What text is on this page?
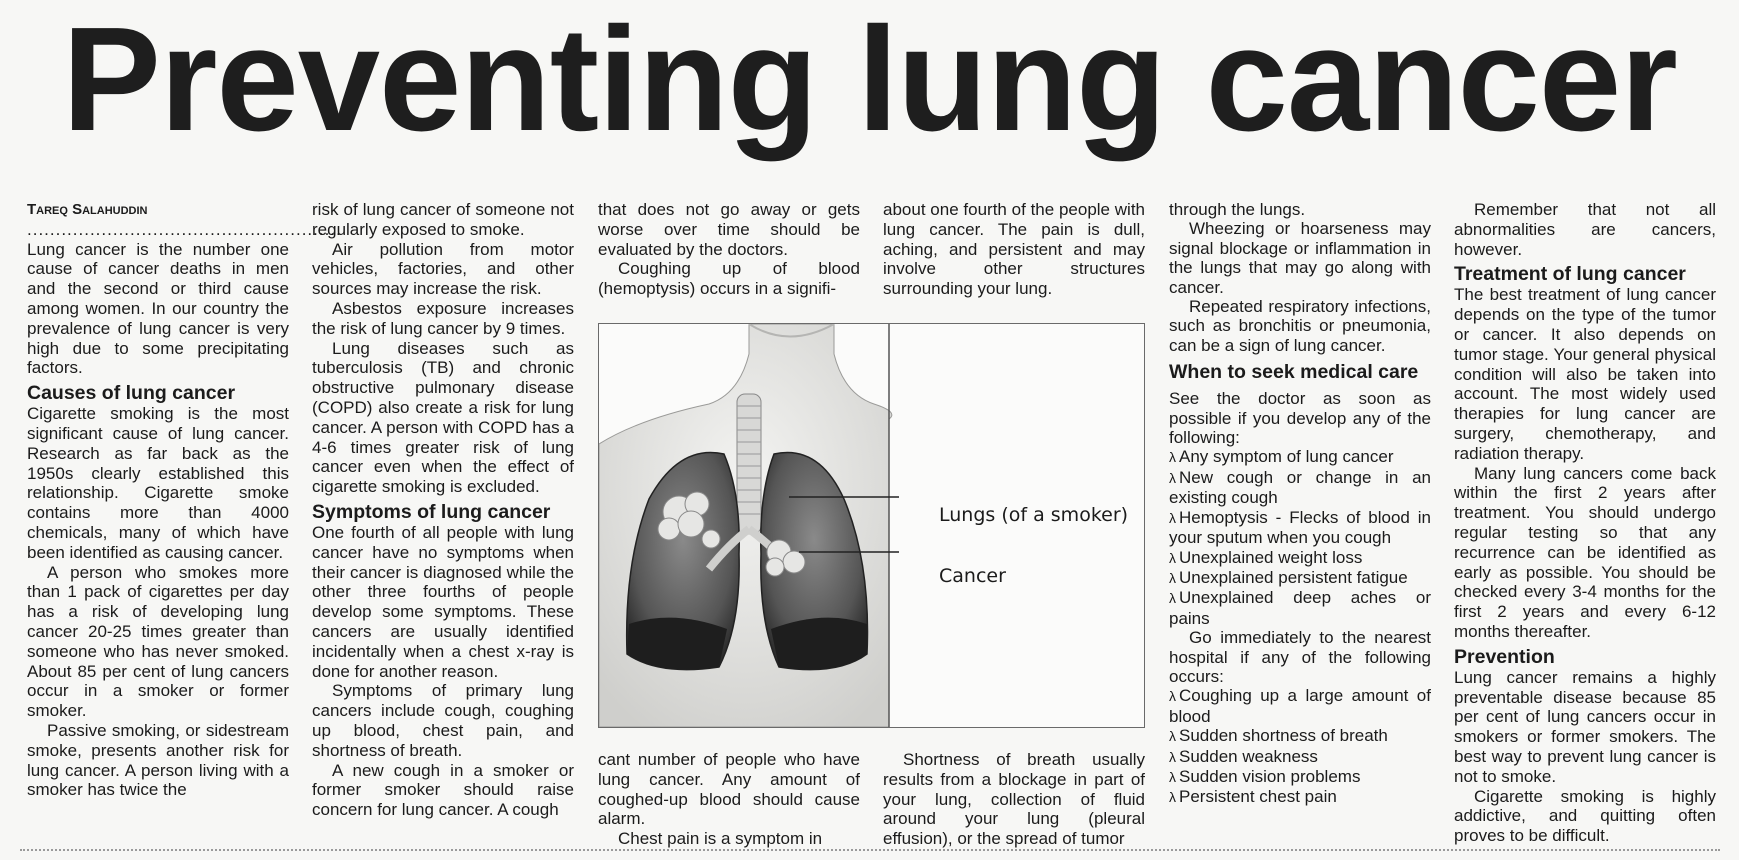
Preventing lung cancer

Tareq Salahuddin

.......................................................

Lung cancer is the number one cause of cancer deaths in men and the second or third cause among women. In our country the prevalence of lung cancer is very high due to some precipitating factors.

Causes of lung cancer

Cigarette smoking is the most significant cause of lung cancer. Research as far back as the 1950s clearly established this relationship. Cigarette smoke contains more than 4000 chemicals, many of which have been identified as causing cancer.

A person who smokes more than 1 pack of cigarettes per day has a risk of developing lung cancer 20-25 times greater than someone who has never smoked. About 85 per cent of lung cancers occur in a smoker or former smoker.

Passive smoking, or sidestream smoke, presents another risk for lung cancer. A person living with a smoker has twice the

risk of lung cancer of someone not regularly exposed to smoke.

Air pollution from motor vehicles, factories, and other sources may increase the risk.

Asbestos exposure increases the risk of lung cancer by 9 times.

Lung diseases such as tuberculosis (TB) and chronic obstructive pulmonary disease (COPD) also create a risk for lung cancer. A person with COPD has a 4-6 times greater risk of lung cancer even when the effect of cigarette smoking is excluded.

Symptoms of lung cancer

One fourth of all people with lung cancer have no symptoms when their cancer is diagnosed while the other three fourths of people develop some symptoms. These cancers are usually identified incidentally when a chest x-ray is done for another reason.

Symptoms of primary lung cancers include cough, coughing up blood, chest pain, and shortness of breath.

A new cough in a smoker or former smoker should raise concern for lung cancer. A cough

that does not go away or gets worse over time should be evaluated by the doctors.

Coughing up of blood (hemoptysis) occurs in a signifi-

about one fourth of the people with lung cancer. The pain is dull, aching, and persistent and may involve other structures surrounding your lung.

Lungs (of a smoker)
Cancer

cant number of people who have lung cancer. Any amount of coughed-up blood should cause alarm.

Chest pain is a symptom in

Shortness of breath usually results from a blockage in part of your lung, collection of fluid around your lung (pleural effusion), or the spread of tumor

through the lungs.

Wheezing or hoarseness may signal blockage or inflammation in the lungs that may go along with cancer.

Repeated respiratory infections, such as bronchitis or pneumonia, can be a sign of lung cancer.

When to seek medical care

See the doctor as soon as possible if you develop any of the following:

λ Any symptom of lung cancer

λ New cough or change in an existing cough

λ Hemoptysis - Flecks of blood in your sputum when you cough

λ Unexplained weight loss

λ Unexplained persistent fatigue

λ Unexplained deep aches or pains

Go immediately to the nearest hospital if any of the following occurs:

λ Coughing up a large amount of blood

λ Sudden shortness of breath

λ Sudden weakness

λ Sudden vision problems

λ Persistent chest pain

Remember that not all abnormalities are cancers, however.

Treatment of lung cancer

The best treatment of lung cancer depends on the type of the tumor or cancer. It also depends on tumor stage. Your general physical condition will also be taken into account. The most widely used therapies for lung cancer are surgery, chemotherapy, and radiation therapy.

Many lung cancers come back within the first 2 years after treatment. You should undergo regular testing so that any recurrence can be identified as early as possible. You should be checked every 3-4 months for the first 2 years and every 6-12 months thereafter.

Prevention

Lung cancer remains a highly preventable disease because 85 per cent of lung cancers occur in smokers or former smokers. The best way to prevent lung cancer is not to smoke.

Cigarette smoking is highly addictive, and quitting often proves to be difficult.
